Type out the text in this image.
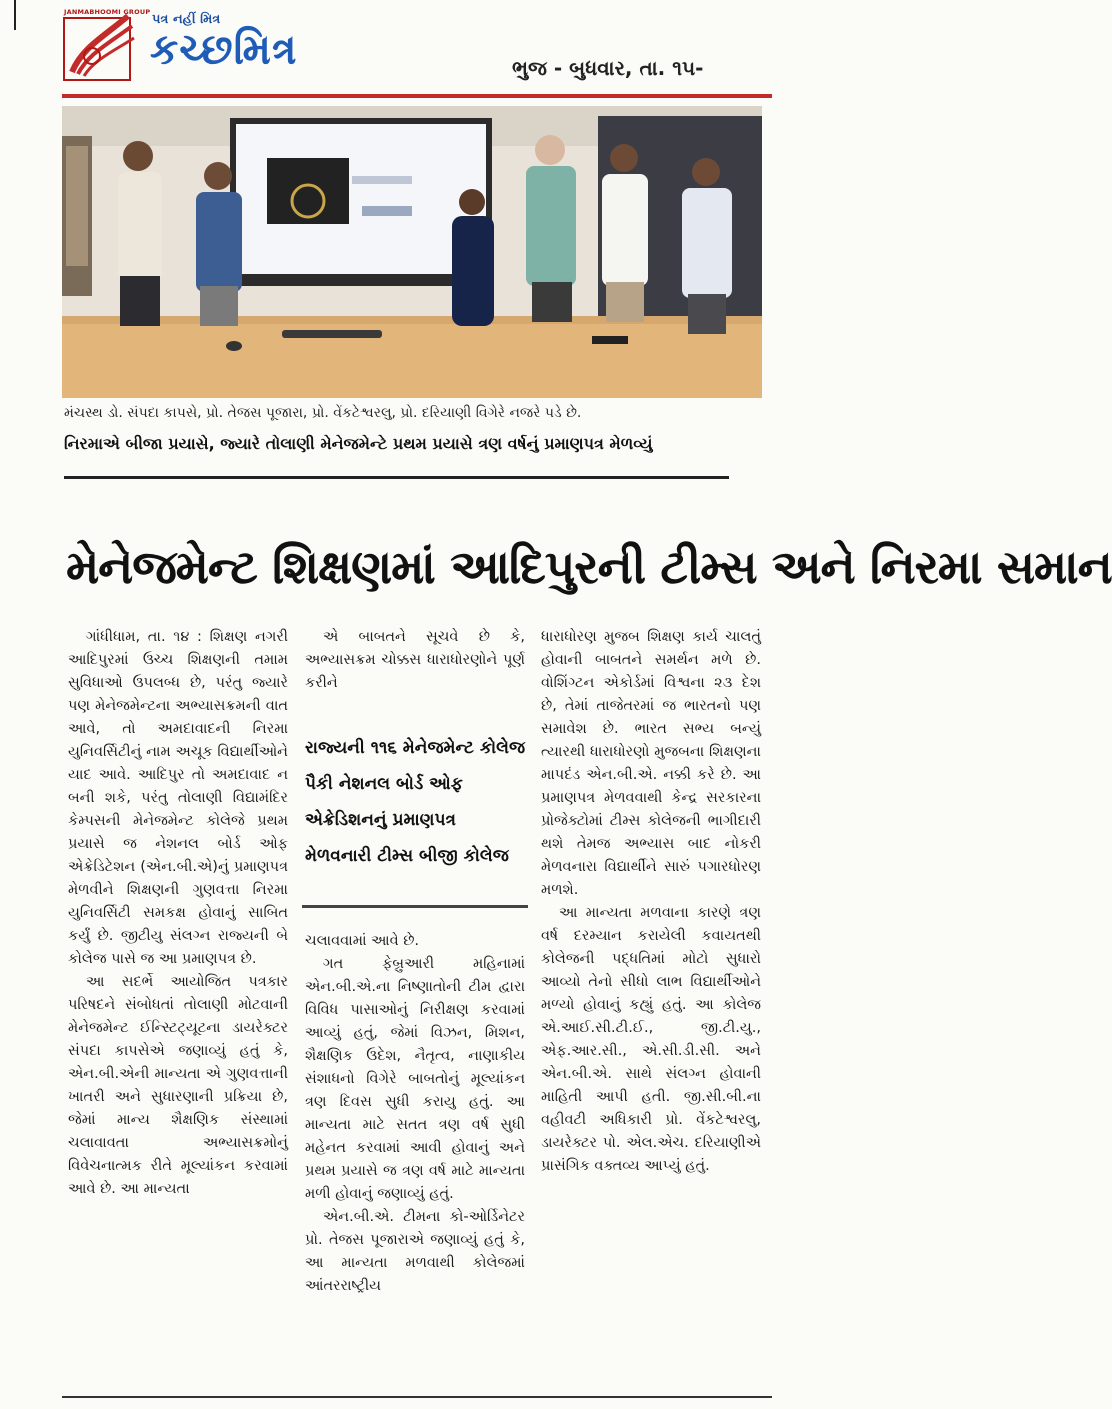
JANMABHOOMI GROUP પત્ર નહીં મિત્ર
કચ્છમિત્ર	ભુજ - બુધવાર, તા. ૧૫-
મંચસ્થ ડો. સંપદા કાપસે, પ્રો. તેજસ પૂજારા, પ્રો. વેંકટેશ્વરલુ, પ્રો. દરિયાણી વિગેરે નજરે પડે છે.
નિરમાએ બીજા પ્રયાસે, જ્યારે તોલાણી મેનેજમેન્ટે પ્રથમ પ્રયાસે ત્રણ વર્ષનું પ્રમાણપત્ર મેળવ્યું
મેનેજમેન્ટ શિક્ષણમાં આદિપુરની ટીમ્સ અને નિરમા સમાન

ગાંધીધામ, તા. ૧૪ : શિક્ષણ નગરી આદિપુરમાં ઉચ્ચ શિક્ષણની તમામ સુવિધાઓ ઉપલબ્ધ છે, પરંતુ જ્યારે પણ મેનેજમેન્ટના અભ્યાસક્રમની વાત આવે, તો અમદાવાદની નિરમા યુનિવર્સિટીનું નામ અચૂક વિદ્યાર્થીઓને યાદ આવે. આદિપુર તો અમદાવાદ ન બની શકે, પરંતુ તોલાણી વિદ્યામંદિર કેમ્પસની મેનેજમેન્ટ કોલેજે પ્રથમ પ્રયાસે જ નેશનલ બોર્ડ ઓફ એક્રેડિટેશન (એન.બી.એ)નું પ્રમાણપત્ર મેળવીને શિક્ષણની ગુણવત્તા નિરમા યુનિવર્સિટી સમકક્ષ હોવાનું સાબિત કર્યું છે. જીટીયુ સંલગ્ન રાજ્યની બે કોલેજ પાસે જ આ પ્રમાણપત્ર છે.

આ સદર્ભે આયોજિત પત્રકાર પરિષદને સંબોધતાં તોલાણી મોટવાની મેનેજમેન્ટ ઈન્સ્ટિટ્યૂટના ડાયરેક્ટર સંપદા કાપસેએ જણાવ્યું હતું કે, એન.બી.એની માન્યતા એ ગુણવત્તાની ખાતરી અને સુધારણાની પ્રક્રિયા છે, જેમાં માન્ય શૈક્ષણિક સંસ્થામાં ચલાવાવતા અભ્યાસક્રમોનું વિવેચનાત્મક રીતે મૂલ્યાંકન કરવામાં આવે છે. આ માન્યતા

એ બાબતને સૂચવે છે કે, અભ્યાસક્રમ ચોક્કસ ધારાધોરણોને પૂર્ણ કરીને

રાજ્યની ૧૧૬ મેનેજમેન્ટ કોલેજ પૈકી નેશનલ બોર્ડ ઓફ એક્રેડિશનનું પ્રમાણપત્ર મેળવનારી ટીમ્સ બીજી કોલેજ

ચલાવવામાં આવે છે.

ગત ફેબ્રુઆરી મહિનામાં એન.બી.એ.ના નિષ્ણાતોની ટીમ દ્વારા વિવિધ પાસાઓનું નિરીક્ષણ કરવામાં આવ્યું હતું, જેમાં વિઝન, મિશન, શૈક્ષણિક ઉદેશ, નૈતૃત્વ, નાણાકીય સંશાધનો વિગેરે બાબતોનું મૂલ્યાંકન ત્રણ દિવસ સુધી કરાયુ હતું. આ માન્યતા માટે સતત ત્રણ વર્ષ સુધી મહેનત કરવામાં આવી હોવાનું અને પ્રથમ પ્રયાસે જ ત્રણ વર્ષ માટે માન્યતા મળી હોવાનું જણાવ્યું હતું.

એન.બી.એ. ટીમના કો-ઓર્ડિનેટર પ્રો. તેજસ પૂજારાએ જણાવ્યું હતું કે, આ માન્યતા મળવાથી કોલેજમાં આંતરરાષ્ટ્રીય

ધારાધોરણ મુજબ શિક્ષણ કાર્ય ચાલતું હોવાની બાબતને સમર્થન મળે છે. વોશિંગ્ટન એકોર્ડમાં વિશ્વના ૨૩ દેશ છે, તેમાં તાજેતરમાં જ ભારતનો પણ સમાવેશ છે. ભારત સભ્ય બન્યું ત્યારથી ધારાધોરણો મુજબના શિક્ષણના માપદંડ એન.બી.એ. નક્કી કરે છે. આ પ્રમાણપત્ર મેળવવાથી કેન્દ્ર સરકારના પ્રોજેક્ટોમાં ટીમ્સ કોલેજની ભાગીદારી થશે તેમજ અભ્યાસ બાદ નોકરી મેળવનારા વિદ્યાર્થીને સારું પગારધોરણ મળશે.

આ માન્યતા મળવાના કારણે ત્રણ વર્ષ દરમ્યાન કરાયેલી કવાયતથી કોલેજની પદ્ધતિમાં મોટો સુધારો આવ્યો તેનો સીધો લાભ વિદ્યાર્થીઓને મળ્યો હોવાનું કહ્યું હતું. આ કોલેજ એ.આઈ.સી.ટી.ઈ., જી.ટી.યુ., એફ.આર.સી., એ.સી.ડી.સી. અને એન.બી.એ. સાથે સંલગ્ન હોવાની માહિતી આપી હતી. જી.સી.બી.ના વહીવટી અધિકારી પ્રો. વેંકટેશ્વરલુ, ડાયરેક્ટર પો. એલ.એચ. દરિયાણીએ પ્રાસંગિક વક્તવ્ય આપ્યું હતું.
